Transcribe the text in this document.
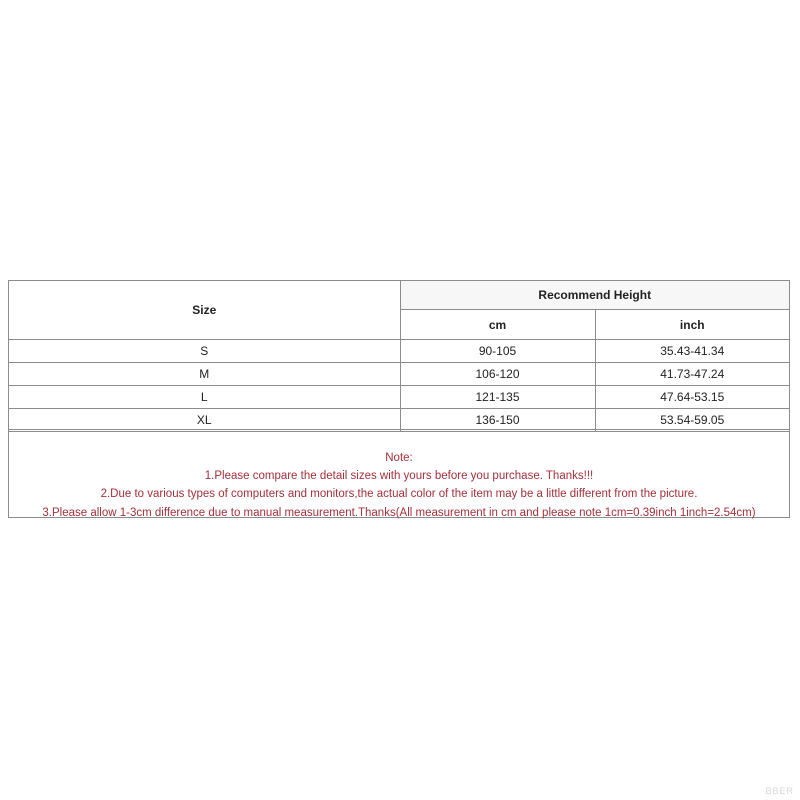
Size	Recommend Height	
	cm	inch
S	90-105	35.43-41.34
M	106-120	41.73-47.24
L	121-135	47.64-53.15
XL	136-150	53.54-59.05
Note:
1.Please compare the detail sizes with yours before you purchase. Thanks!!!
2.Due to various types of computers and monitors,the actual color of the item may be a little different from the picture.
3.Please allow 1-3cm difference due to manual measurement.Thanks(All measurement in cm and please note 1cm=0.39inch 1inch=2.54cm)
BBER
